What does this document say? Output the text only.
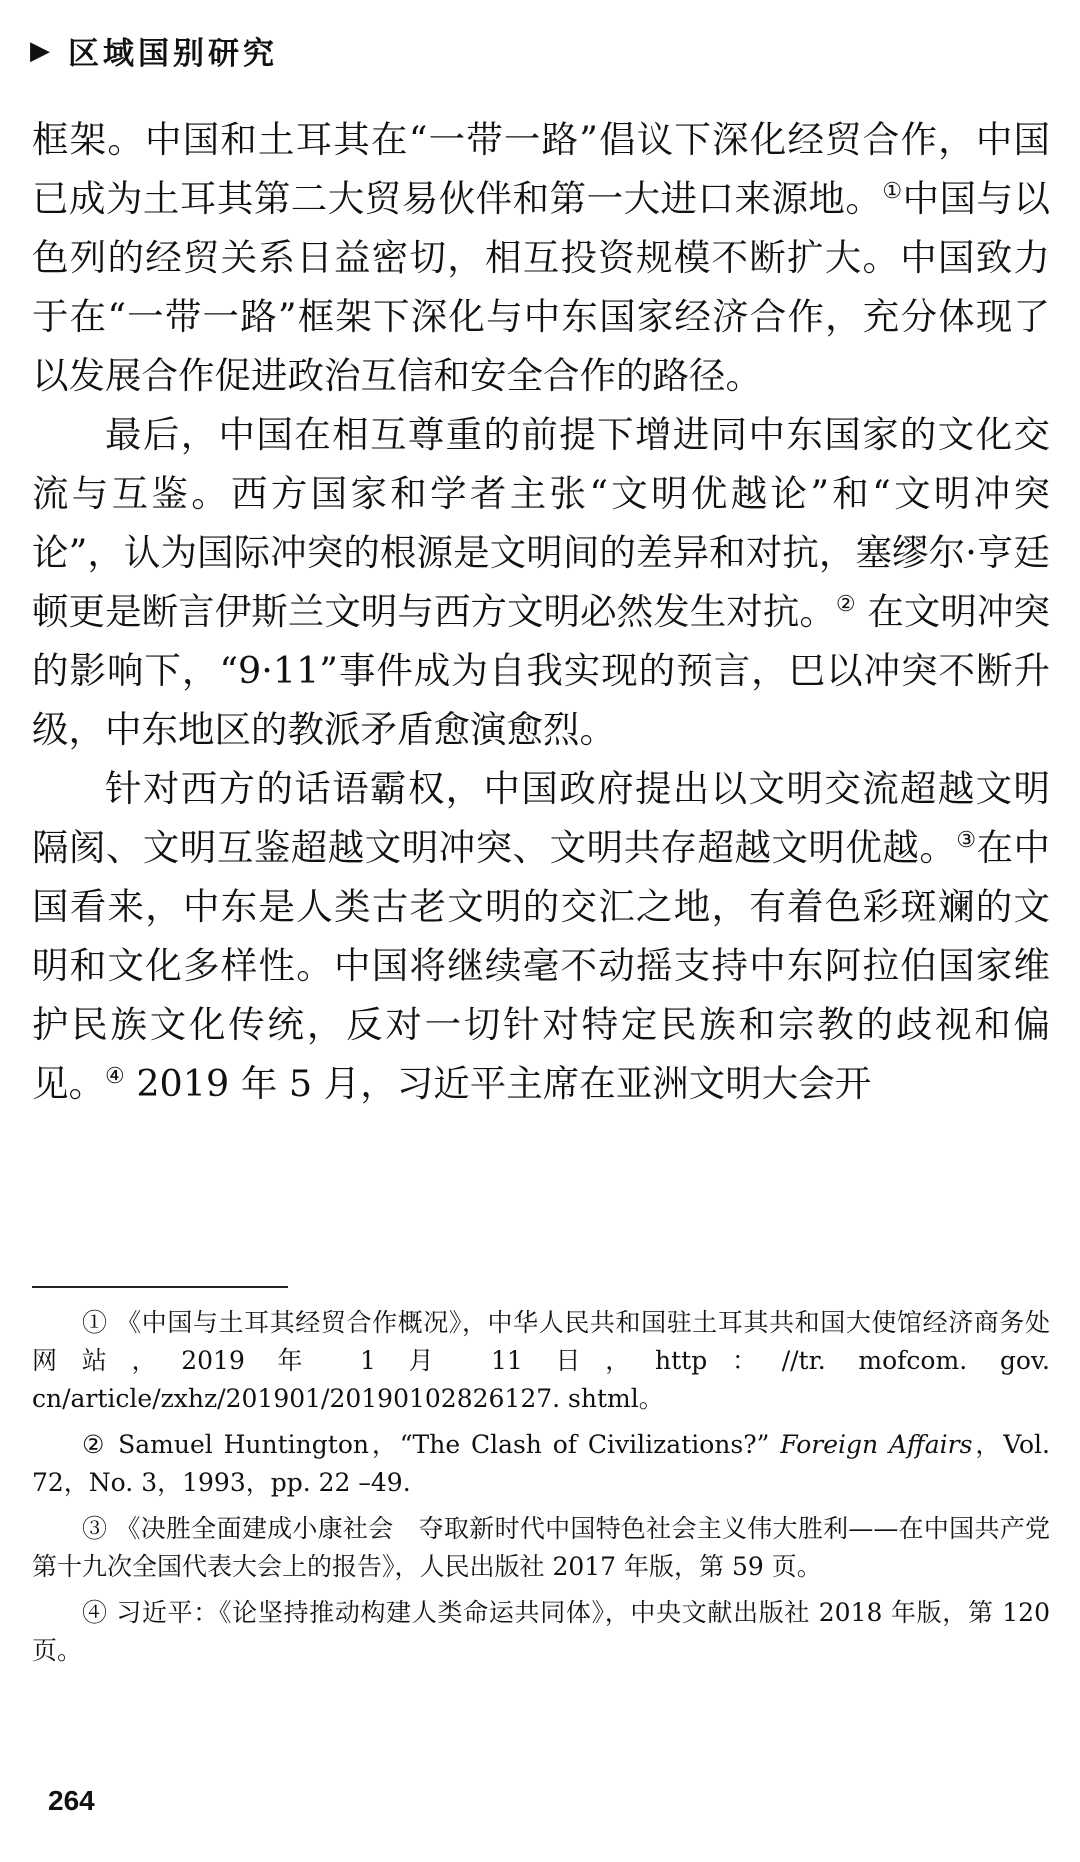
▶ 区域国别研究

框架。中国和土耳其在“一带一路”倡议下深化经贸合作，中国已成为土耳其第二大贸易伙伴和第一大进口来源地。①中国与以色列的经贸关系日益密切，相互投资规模不断扩大。中国致力于在“一带一路”框架下深化与中东国家经济合作，充分体现了以发展合作促进政治互信和安全合作的路径。

最后，中国在相互尊重的前提下增进同中东国家的文化交流与互鉴。西方国家和学者主张“文明优越论”和“文明冲突论”，认为国际冲突的根源是文明间的差异和对抗，塞缪尔·亨廷顿更是断言伊斯兰文明与西方文明必然发生对抗。② 在文明冲突的影响下，“9·11”事件成为自我实现的预言，巴以冲突不断升级，中东地区的教派矛盾愈演愈烈。

针对西方的话语霸权，中国政府提出以文明交流超越文明隔阂、文明互鉴超越文明冲突、文明共存超越文明优越。③在中国看来，中东是人类古老文明的交汇之地，有着色彩斑斓的文明和文化多样性。中国将继续毫不动摇支持中东阿拉伯国家维护民族文化传统，反对一切针对特定民族和宗教的歧视和偏见。④ 2019 年 5 月，习近平主席在亚洲文明大会开

① 《中国与土耳其经贸合作概况》，中华人民共和国驻土耳其共和国大使馆经济商务处网站，2019 年 1 月 11 日，http：//tr. mofcom. gov. cn/article/zxhz/201901/20190102826127. shtml。

② Samuel Huntington，“The Clash of Civilizations?” Foreign Affairs，Vol. 72，No. 3，1993，pp. 22 –49.

③ 《决胜全面建成小康社会　夺取新时代中国特色社会主义伟大胜利——在中国共产党第十九次全国代表大会上的报告》，人民出版社 2017 年版，第 59 页。

④ 习近平：《论坚持推动构建人类命运共同体》，中央文献出版社 2018 年版，第 120 页。

264
